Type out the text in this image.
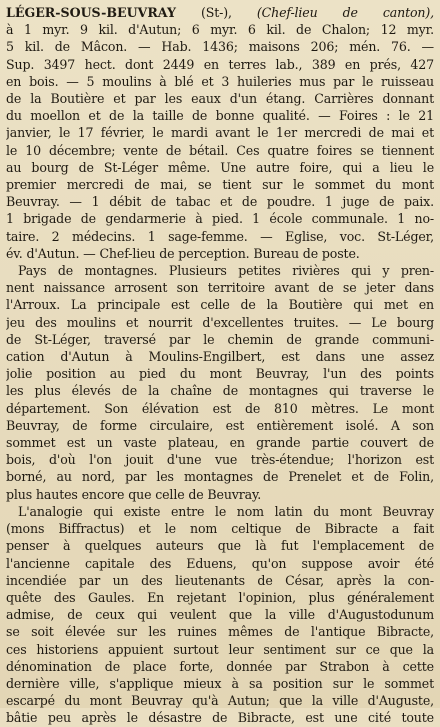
LÉGER-SOUS-BEUVRAY (St-), (Chef-lieu de canton),
à 1 myr. 9 kil. d'Autun; 6 myr. 6 kil. de Chalon; 12 myr.
5 kil. de Mâcon. — Hab. 1436; maisons 206; mén. 76. —
Sup. 3497 hect. dont 2449 en terres lab., 389 en prés, 427
en bois. — 5 moulins à blé et 3 huileries mus par le ruisseau
de la Boutière et par les eaux d'un étang. Carrières donnant
du moellon et de la taille de bonne qualité. — Foires : le 21
janvier, le 17 février, le mardi avant le 1er mercredi de mai et
le 10 décembre; vente de bétail. Ces quatre foires se tiennent
au bourg de St-Léger même. Une autre foire, qui a lieu le
premier mercredi de mai, se tient sur le sommet du mont
Beuvray. — 1 débit de tabac et de poudre. 1 juge de paix.
1 brigade de gendarmerie à pied. 1 école communale. 1 no-
taire. 2 médecins. 1 sage-femme. — Eglise, voc. St-Léger,
év. d'Autun. — Chef-lieu de perception. Bureau de poste.

Pays de montagnes. Plusieurs petites rivières qui y pren-
nent naissance arrosent son territoire avant de se jeter dans
l'Arroux. La principale est celle de la Boutière qui met en
jeu des moulins et nourrit d'excellentes truites. — Le bourg
de St-Léger, traversé par le chemin de grande communi-
cation d'Autun à Moulins-Engilbert, est dans une assez
jolie position au pied du mont Beuvray, l'un des points
les plus élevés de la chaîne de montagnes qui traverse le
département. Son élévation est de 810 mètres. Le mont
Beuvray, de forme circulaire, est entièrement isolé. A son
sommet est un vaste plateau, en grande partie couvert de
bois, d'où l'on jouit d'une vue très-étendue; l'horizon est
borné, au nord, par les montagnes de Prenelet et de Folin,
plus hautes encore que celle de Beuvray.

L'analogie qui existe entre le nom latin du mont Beuvray
(mons Biffractus) et le nom celtique de Bibracte a fait
penser à quelques auteurs que là fut l'emplacement de
l'ancienne capitale des Eduens, qu'on suppose avoir été
incendiée par un des lieutenants de César, après la con-
quête des Gaules. En rejetant l'opinion, plus généralement
admise, de ceux qui veulent que la ville d'Augustodunum
se soit élevée sur les ruines mêmes de l'antique Bibracte,
ces historiens appuient surtout leur sentiment sur ce que la
dénomination de place forte, donnée par Strabon à cette
dernière ville, s'applique mieux à sa position sur le sommet
escarpé du mont Beuvray qu'à Autun; que la ville d'Auguste,
bâtie peu après le désastre de Bibracte, est une cité toute
